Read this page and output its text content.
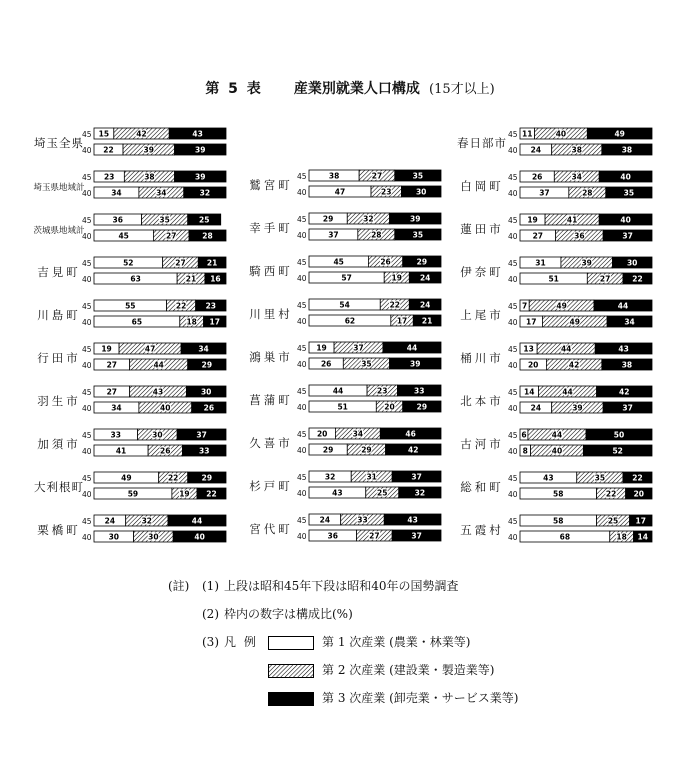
第 5 表 産業別就業人口構成 (15才以上)
埼玉全県
45 15	42	43
40 22	39	39
埼玉県地域計
45 23	38	39
40	34	34	32
茨城県地域計
45	36	35	25
40	45	27	28
吉見町
45	52	27	21
40	63	21 16
川島町
45	55	22	23
40	65	18 17
行田市
45 19	47	34
40 27	44	29
羽生市
45 27	43	30
40	34	40	26
加須市
45	33	30	37
40	41	26	33
大利根町
45	49	22	29
40	59	19 22
栗橋町
45 24	32	44
40 30	30	40
鷲宮町
45	38	27	35
40	47	23	30
幸手町
45 29	32	39
40	37	28	35
騎西町
45	45	26	29
40	57	19 24
川里村
45	54	22	24
40	62	17 21
鴻巣市
45 19	37	44
40 26	35	39
菖蒲町
45	44	23	33
40	51	20	29
久喜市
45 20	34	46
40 29	29	42
杉戸町
45 32	31	37
40	43	25	32
宮代町
45 24	33	43
40	36	27	37
春日部市
45 11	40	49
40 24	38	38
白岡町
45 26	34	40
40	37	28	35
蓮田市
45 19	41	40
40 27	36	37
伊奈町
45 31	39	30
40	51	27	22
上尾市
45 7	49	44
40 17	49	34
桶川市
45 13	44	43
40 20	42	38
北本市
45 14	44	42
40 24	39	37
古河市
45 6	44	50
40 8	40	52
総和町
45	43	35	22
40	58	22 20
五霞村
45	58	25 17
40	68	18 14
(註) (1) 上段は昭和45年下段は昭和40年の国勢調査
(2) 枠内の数字は構成比(%)
(3) 凡 例	第 1 次産業 (農業・林業等)
第 2 次産業 (建設業・製造業等)
第 3 次産業 (卸売業・サービス業等)
